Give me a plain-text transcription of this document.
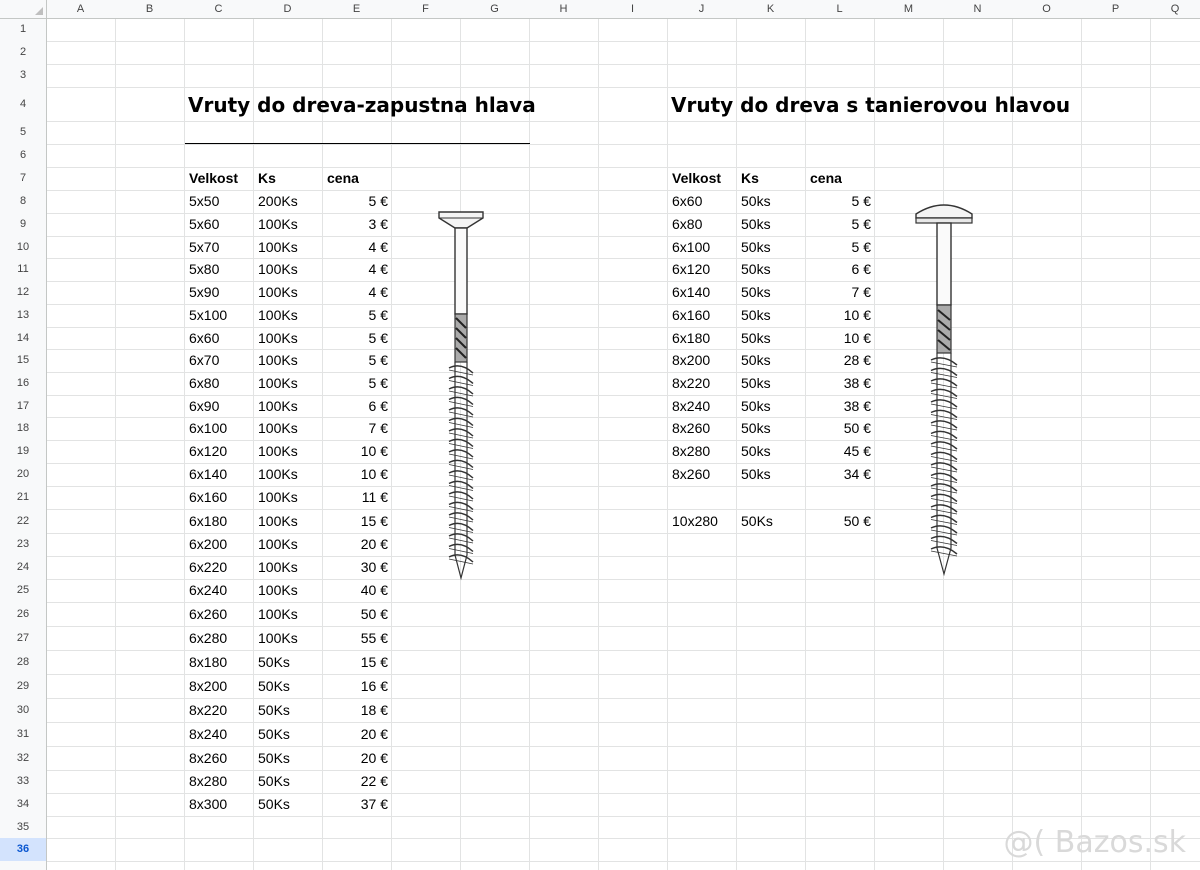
A	B	C	D	E	F	G	H	I	J	K	L	M	N	O	P	Q
1
2
3
4
5
6
7
8
9
10
11
12
13
14
15
16
17
18
19
20
21
22
23
24
25
26
27
28
29
30
31
32
33
34
35
36
Vruty do dreva-zapustna hlava	Vruty do dreva s tanierovou hlavou
Velkost	Ks	cena
5x50	200Ks	5 €
5x60	100Ks	3 €
5x70	100Ks	4 €
5x80	100Ks	4 €
5x90	100Ks	4 €
5x100	100Ks	5 €
6x60	100Ks	5 €
6x70	100Ks	5 €
6x80	100Ks	5 €
6x90	100Ks	6 €
6x100	100Ks	7 €
6x120	100Ks	10 €
6x140	100Ks	10 €
6x160	100Ks	11 €
6x180	100Ks	15 €
6x200	100Ks	20 €
6x220	100Ks	30 €
6x240	100Ks	40 €
6x260	100Ks	50 €
6x280	100Ks	55 €
8x180	50Ks	15 €
8x200	50Ks	16 €
8x220	50Ks	18 €
8x240	50Ks	20 €
8x260	50Ks	20 €
8x280	50Ks	22 €
8x300	50Ks	37 €
Velkost	Ks	cena
6x60	50ks	5 €
6x80	50ks	5 €
6x100	50ks	5 €
6x120	50ks	6 €
6x140	50ks	7 €
6x160	50ks	10 €
6x180	50ks	10 €
8x200	50ks	28 €
8x220	50ks	38 €
8x240	50ks	38 €
8x260	50ks	50 €
8x280	50ks	45 €
8x260	50ks	34 €
10x280	50Ks	50 €
@( Bazos.sk
